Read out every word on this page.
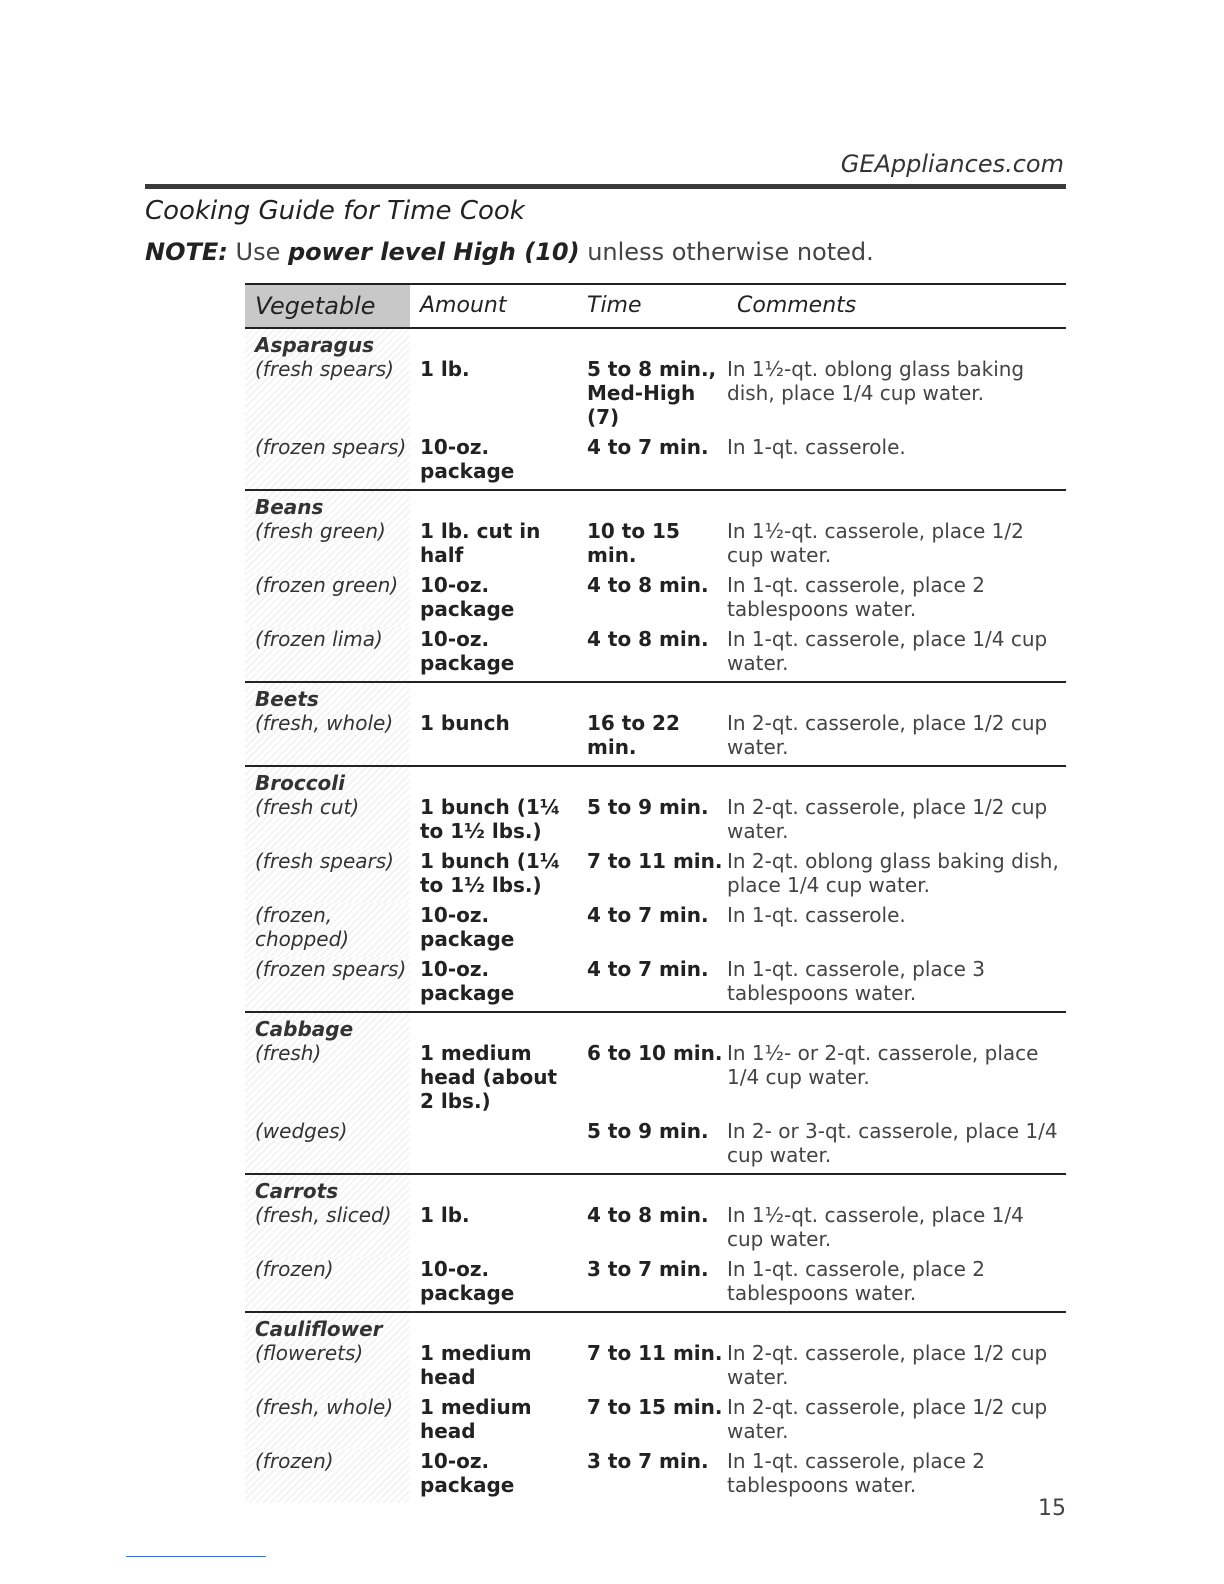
GEAppliances.com
Cooking Guide for Time Cook
NOTE: Use power level High (10) unless otherwise noted.
Vegetable	Amount	Time	Comments
Asparagus			
(fresh spears)	1 lb.	5 to 8 min., Med-High (7)	In 1½-qt. oblong glass baking dish, place 1/4 cup water.
(frozen spears)	10-oz. package	4 to 7 min.	In 1-qt. casserole.
Beans			
(fresh green)	1 lb. cut in half	10 to 15 min.	In 1½-qt. casserole, place 1/2 cup water.
(frozen green)	10-oz. package	4 to 8 min.	In 1-qt. casserole, place 2 tablespoons water.
(frozen lima)	10-oz. package	4 to 8 min.	In 1-qt. casserole, place 1/4 cup water.
Beets			
(fresh, whole)	1 bunch	16 to 22 min.	In 2-qt. casserole, place 1/2 cup water.
Broccoli			
(fresh cut)	1 bunch (1¼ to 1½ lbs.)	5 to 9 min.	In 2-qt. casserole, place 1/2 cup water.
(fresh spears)	1 bunch (1¼ to 1½ lbs.)	7 to 11 min.	In 2-qt. oblong glass baking dish, place 1/4 cup water.
(frozen, chopped)	10-oz. package	4 to 7 min.	In 1-qt. casserole.
(frozen spears)	10-oz. package	4 to 7 min.	In 1-qt. casserole, place 3 tablespoons water.
Cabbage			
(fresh)	1 medium head (about 2 lbs.)	6 to 10 min.	In 1½- or 2-qt. casserole, place 1/4 cup water.
(wedges)		5 to 9 min.	In 2- or 3-qt. casserole, place 1/4 cup water.
Carrots			
(fresh, sliced)	1 lb.	4 to 8 min.	In 1½-qt. casserole, place 1/4 cup water.
(frozen)	10-oz. package	3 to 7 min.	In 1-qt. casserole, place 2 tablespoons water.
Cauliflower			
(flowerets)	1 medium head	7 to 11 min.	In 2-qt. casserole, place 1/2 cup water.
(fresh, whole)	1 medium head	7 to 15 min.	In 2-qt. casserole, place 1/2 cup water.
(frozen)	10-oz. package	3 to 7 min.	In 1-qt. casserole, place 2 tablespoons water.
15
